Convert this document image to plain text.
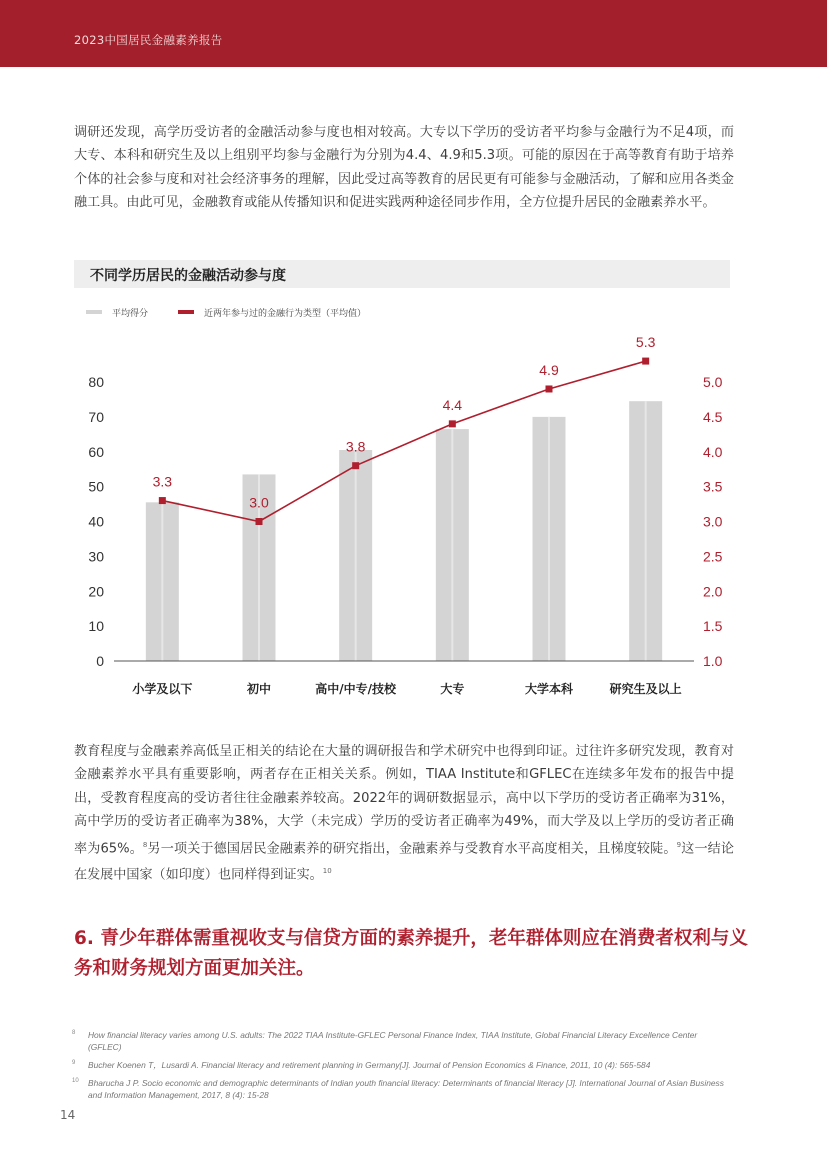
2023中国居民金融素养报告

调研还发现，高学历受访者的金融活动参与度也相对较高。大专以下学历的受访者平均参与金融行为不足4项，而大专、本科和研究生及以上组别平均参与金融行为分别为4.4、4.9和5.3项。可能的原因在于高等教育有助于培养个体的社会参与度和对社会经济事务的理解，因此受过高等教育的居民更有可能参与金融活动，了解和应用各类金融工具。由此可见，金融教育或能从传播知识和促进实践两种途径同步作用，全方位提升居民的金融素养水平。

不同学历居民的金融活动参与度
平均得分	近两年参与过的金融行为类型（平均值）
0
10
20
30
40
50
60
70
80
1.0
1.5
2.0
2.5
3.0
3.5
4.0
4.5
5.0
小学及以下	初中	高中/中专/技校	大专	大学本科	研究生及以上
3.3
3.0
3.8
4.4
4.9
5.3

教育程度与金融素养高低呈正相关的结论在大量的调研报告和学术研究中也得到印证。过往许多研究发现，教育对金融素养水平具有重要影响，两者存在正相关关系。例如，TIAA Institute和GFLEC在连续多年发布的报告中提出，受教育程度高的受访者往往金融素养较高。2022年的调研数据显示，高中以下学历的受访者正确率为31%，高中学历的受访者正确率为38%，大学（未完成）学历的受访者正确率为49%，而大学及以上学历的受访者正确率为65%。$^8$另一项关于德国居民金融素养的研究指出，金融素养与受教育水平高度相关，且梯度较陡。$^9$这一结论在发展中国家（如印度）也同样得到证实。$^{10}$

6. 青少年群体需重视收支与信贷方面的素养提升，老年群体则应在消费者权利与义务和财务规划方面更加关注。
8 How financial literacy varies among U.S. adults: The 2022 TIAA Institute-GFLEC Personal Finance Index, TIAA Institute, Global Financial Literacy Excellence Center (GFLEC)
9 Bucher Koenen T，Lusardi A. Financial literacy and retirement planning in Germany[J]. Journal of Pension Economics & Finance, 2011, 10 (4): 565-584
10 Bharucha J P. Socio economic and demographic determinants of Indian youth financial literacy: Determinants of financial literacy [J]. International Journal of Asian Business and Information Management, 2017, 8 (4): 15-28
14
